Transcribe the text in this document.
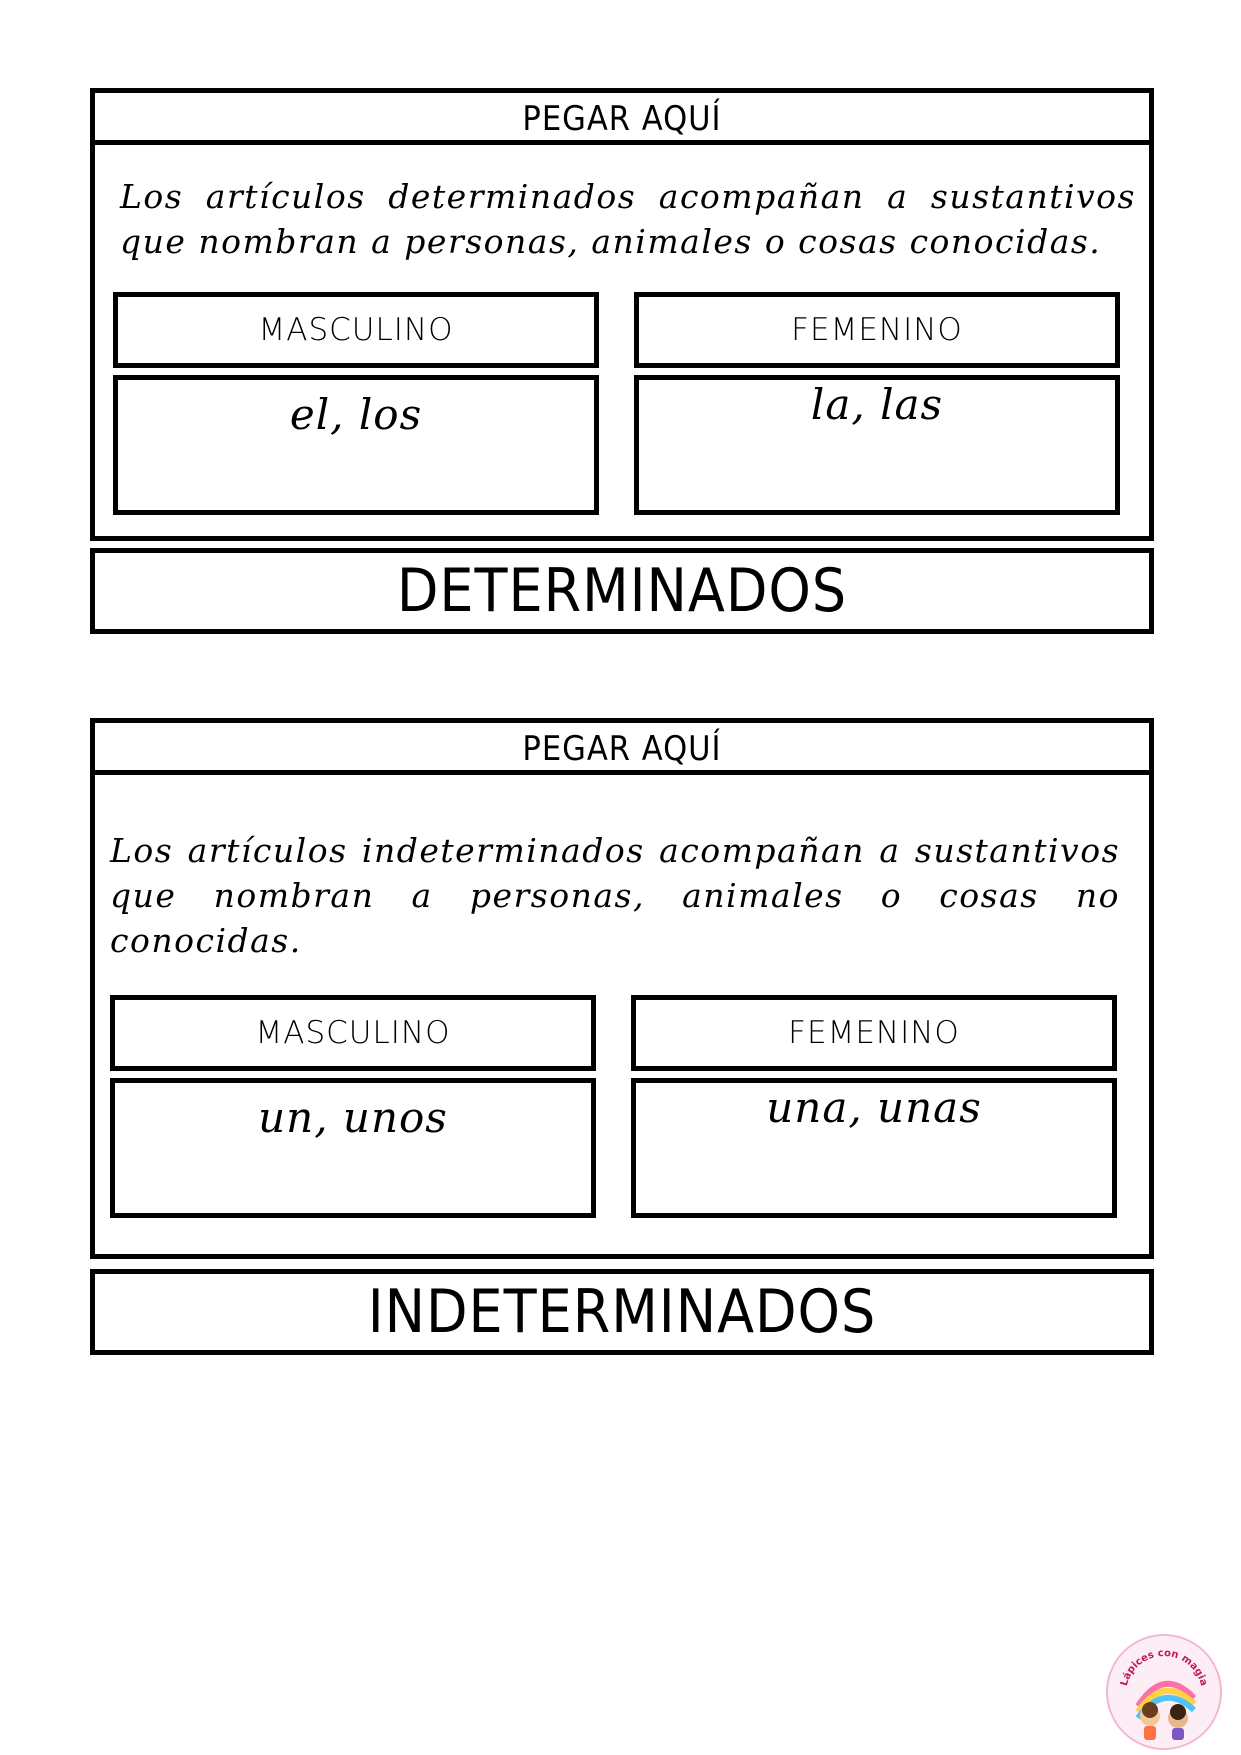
PEGAR AQUÍ
Los artículos determinados acompañan a sustantivos que nombran a personas, animales o cosas conocidas.
MASCULINO
el, los
FEMENINO
la, las
DETERMINADOS
PEGAR AQUÍ
Los artículos indeterminados acompañan a sustantivos que nombran a personas, animales o cosas no conocidas.
MASCULINO
un, unos
FEMENINO
una, unas
INDETERMINADOS
Lápices con magia
